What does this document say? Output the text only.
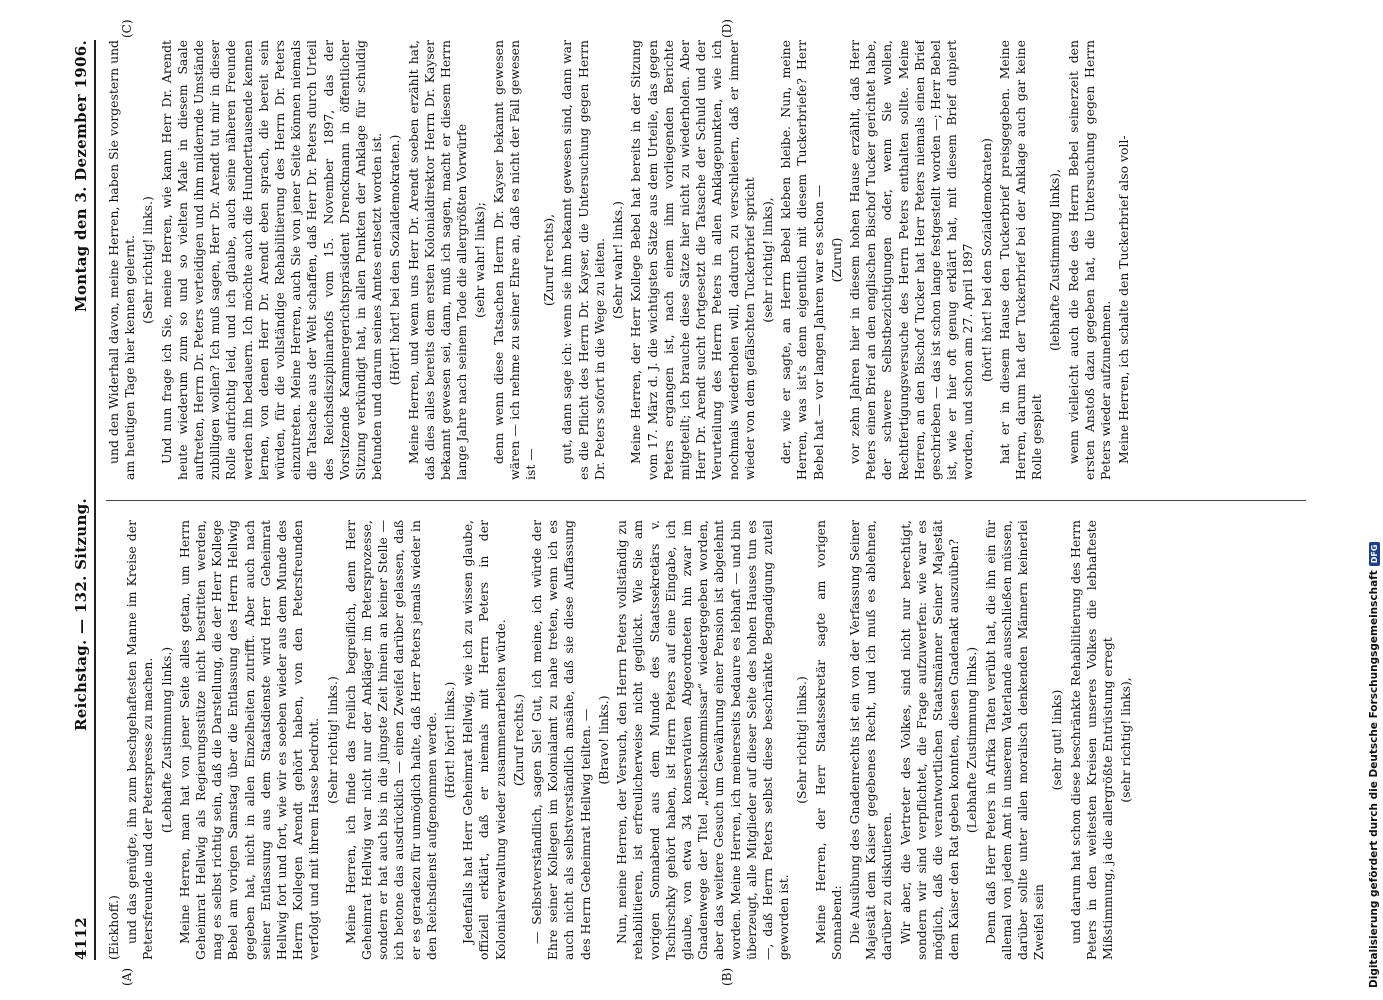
4112
Reichstag. — 132. Sitzung.
Montag den 3. Dezember 1906.
(A)	(B)
(C)	(D)

(Eickhoff.) und das genügte, ihn zum beschgehaftesten Manne im Kreise der Petersfreunde und der Peterspresse zu machen. (Lebhafte Zustimmung links.) Meine Herren, man hat von jener Seite alles getan, um Herrn Geheimrat Hellwig als Regierungsstütze nicht bestritten werden, mag es selbst richtig sein, daß die Darstellung, die der Herr Kollege Bebel am vorigen Samstag über die Entlassung des Herrn Hellwig gegeben hat, nicht in allen Einzelheiten zutrifft. Aber auch nach seiner Entlassung aus dem Staatsdienste wird Herr Geheimrat Hellwig fort und fort, wie wir es soeben wieder aus dem Munde des Herrn Kollegen Arendt gehört haben, von den Petersfreunden verfolgt und mit ihrem Hasse bedroht. (Sehr richtig! links.) Meine Herren, ich finde das freilich begreiflich, denn Herr Geheimrat Hellwig war nicht nur der Ankläger im Petersprozesse, sondern er hat auch bis in die jüngste Zeit hinein an keiner Stelle — ich betone das ausdrücklich — einen Zweifel darüber gelassen, daß er es geradezu für unmöglich halte, daß Herr Peters jemals wieder in den Reichsdienst aufgenommen werde. (Hört! hört! links.) Jedenfalls hat Herr Geheimrat Hellwig, wie ich zu wissen glaube, offiziell erklärt, daß er niemals mit Herrn Peters in der Kolonialverwaltung wieder zusammenarbeiten würde. (Zuruf rechts.) — Selbstverständlich, sagen Sie! Gut, ich meine, ich würde der Ehre seiner Kollegen im Kolonialamt zu nahe treten, wenn ich es auch nicht als selbstverständlich ansähe, daß sie diese Auffassung des Herrn Geheimrat Hellwig teilten. — (Bravo! links.) Nun, meine Herren, der Versuch, den Herrn Peters vollständig zu rehabilitieren, ist erfreulicherweise nicht geglückt. Wie Sie am vorigen Sonnabend aus dem Munde des Staatssekretärs v. Tschirschky gehört haben, ist Herrn Peters auf eine Eingabe, ich glaube, von etwa 34 konservativen Abgeordneten hin zwar im Gnadenwege der Titel „Reichskommissar“ wiedergegeben worden, aber das weitere Gesuch um Gewährung einer Pension ist abgelehnt worden. Meine Herren, ich meinerseits bedaure es lebhaft — und bin überzeugt, alle Mitglieder auf dieser Seite des hohen Hauses tun es —, daß Herrn Peters selbst diese beschränkte Begnadigung zuteil geworden ist.

(Sehr richtig! links.) Meine Herren, der Herr Staatssekretär sagte am vorigen Sonnabend: Die Ausübung des Gnadenrechts ist ein von der Verfassung Seiner Majestät dem Kaiser gegebenes Recht, und ich muß es ablehnen, darüber zu diskutieren. Wir aber, die Vertreter des Volkes, sind nicht nur berechtigt, sondern wir sind verpflichtet, die Frage aufzuwerfen: wie war es möglich, daß die verantwortlichen Staatsmänner Seiner Majestät dem Kaiser den Rat geben konnten, diesen Gnadenakt auszuüben? (Lebhafte Zustimmung links.) Denn daß Herr Peters in Afrika Taten verübt hat, die ihn ein für allemal von jedem Amt in unserem Vaterlande ausschließen müssen, darüber sollte unter allen moralisch denkenden Männern keinerlei Zweifel sein

(sehr gut! links) und darum hat schon diese beschränkte Rehabilitierung des Herrn Peters in den weitesten Kreisen unseres Volkes die lebhafteste Mißstimmung, ja die allergrößte Entrüstung erregt (sehr richtig! links),

und den Widerhall davon, meine Herren, haben Sie vorgestern und am heutigen Tage hier kennen gelernt. (Sehr richtig! links.) Und nun frage ich Sie, meine Herren, wie kann Herr Dr. Arendt heute wiederum zum so und so vielten Male in diesem Saale auftreten, Herrn Dr. Peters verteidigen und ihm mildernde Umstände zubilligen wollen? Ich muß sagen, Herr Dr. Arendt tut mir in dieser Rolle aufrichtig leid, und ich glaube, auch seine näheren Freunde werden ihn bedauern. Ich möchte auch die Hunderttausende kennen lernen, von denen Herr Dr. Arendt eben sprach, die bereit sein würden, für die vollständige Rehabilitierung des Herrn Dr. Peters einzutreten. Meine Herren, auch Sie von jener Seite können niemals die Tatsache aus der Welt schaffen, daß Herr Dr. Peters durch Urteil des Reichsdisziplinarhofs vom 15. November 1897, das der Vorsitzende Kammergerichtspräsident Drenckmann in öffentlicher Sitzung verkündigt hat, in allen Punkten der Anklage für schuldig befunden und darum seines Amtes entsetzt worden ist. (Hört! hört! bei den Sozialdemokraten.) Meine Herren, und wenn uns Herr Dr. Arendt soeben erzählt hat, daß dies alles bereits dem ersten Kolonialdirektor Herrn Dr. Kayser bekannt gewesen sei, dann, muß ich sagen, macht er diesem Herrn lange Jahre nach seinem Tode die allergrößten Vorwürfe (sehr wahr! links); denn wenn diese Tatsachen Herrn Dr. Kayser bekannt gewesen wären — ich nehme zu seiner Ehre an, daß es nicht der Fall gewesen ist —

(Zuruf rechts), gut, dann sage ich: wenn sie ihm bekannt gewesen sind, dann war es die Pflicht des Herrn Dr. Kayser, die Untersuchung gegen Herrn Dr. Peters sofort in die Wege zu leiten. (Sehr wahr! links.) Meine Herren, der Herr Kollege Bebel hat bereits in der Sitzung vom 17. März d. J. die wichtigsten Sätze aus dem Urteile, das gegen Peters ergangen ist, nach einem ihm vorliegenden Berichte mitgeteilt; ich brauche diese Sätze hier nicht zu wiederholen. Aber Herr Dr. Arendt sucht fortgesetzt die Tatsache der Schuld und der Verurteilung des Herrn Peters in allen Anklagepunkten, wie ich nochmals wiederholen will, dadurch zu verschleiern, daß er immer wieder von dem gefälschten Tuckerbrief spricht (sehr richtig! links), der, wie er sagte, an Herrn Bebel kleben bleibe. Nun, meine Herren, was ist's denn eigentlich mit diesem Tuckerbriefe? Herr Bebel hat — vor langen Jahren war es schon — (Zuruf) vor zehn Jahren hier in diesem hohen Hause erzählt, daß Herr Peters einen Brief an den englischen Bischof Tucker gerichtet habe, der schwere Selbstbezichtigungen oder, wenn Sie wollen, Rechtfertigungsversuche des Herrn Peters enthalten sollte. Meine Herren, an den Bischof Tucker hat Herr Peters niemals einen Brief geschrieben — das ist schon lange festgestellt worden —; Herr Bebel ist, wie er hier oft genug erklärt hat, mit diesem Brief dupiert worden, und schon am 27. April 1897 (hört! hört! bei den Sozialdemokraten) hat er in diesem Hause den Tuckerbrief preisgegeben. Meine Herren, darum hat der Tuckerbrief bei der Anklage auch gar keine Rolle gespielt

(lebhafte Zustimmung links), wenn vielleicht auch die Rede des Herrn Bebel seinerzeit den ersten Anstoß dazu gegeben hat, die Untersuchung gegen Herrn Peters wieder aufzunehmen. Meine Herren, ich schalte den Tuckerbrief also voll-

Digitalisierung gefördert durch die Deutsche Forschungsgemeinschaft
DFG
